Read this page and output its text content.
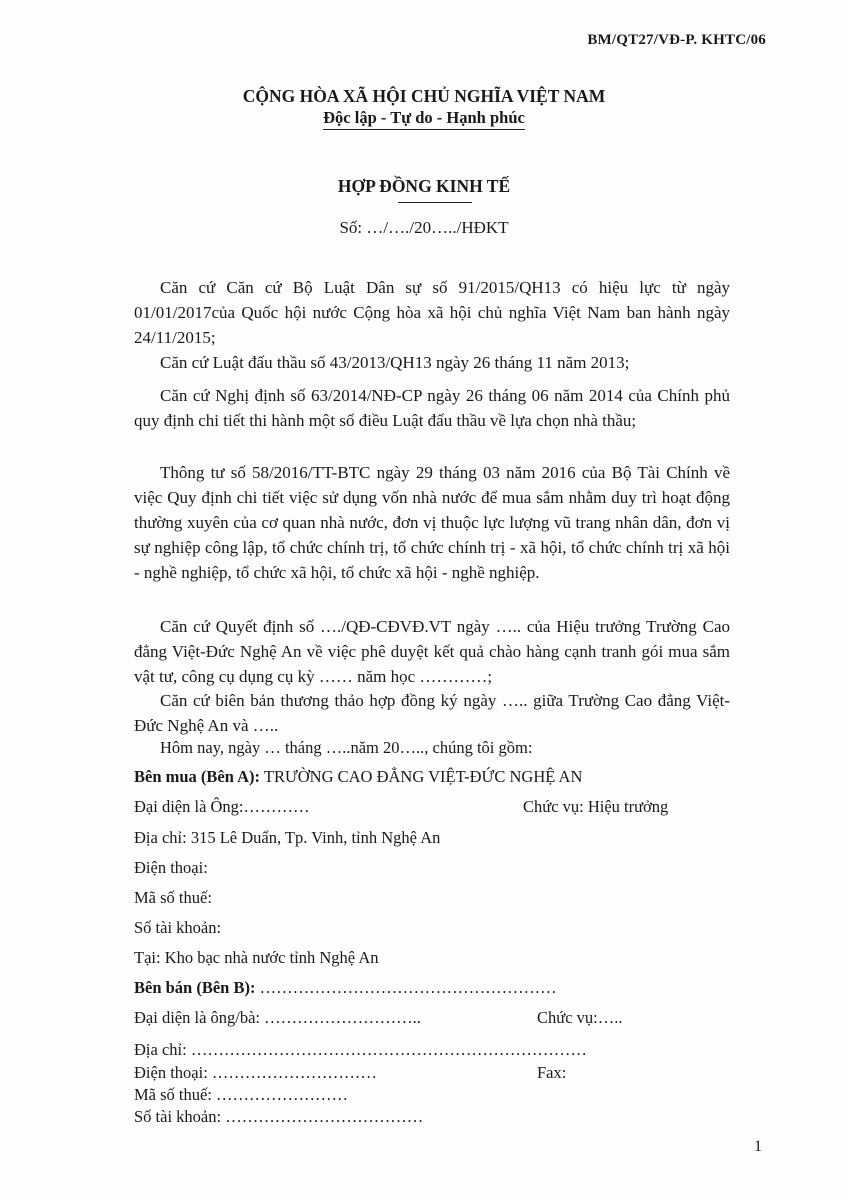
BM/QT27/VĐ-P. KHTC/06
CỘNG HÒA XÃ HỘI CHỦ NGHĨA VIỆT NAM
Độc lập - Tự do - Hạnh phúc
HỢP ĐỒNG KINH TẾ
Số: …/…./20…../HĐKT
Căn cứ Căn cứ Bộ Luật Dân sự số 91/2015/QH13 có hiệu lực từ ngày 01/01/2017của Quốc hội nước Cộng hòa xã hội chủ nghĩa Việt Nam ban hành ngày 24/11/2015;
Căn cứ Luật đấu thầu số 43/2013/QH13 ngày 26 tháng 11 năm 2013;
Căn cứ Nghị định số 63/2014/NĐ-CP ngày 26 tháng 06 năm 2014 của Chính phủ quy định chi tiết thi hành một số điều Luật đấu thầu về lựa chọn nhà thầu;
Thông tư số 58/2016/TT-BTC ngày 29 tháng 03 năm 2016 của Bộ Tài Chính về việc Quy định chi tiết việc sử dụng vốn nhà nước để mua sắm nhằm duy trì hoạt động thường xuyên của cơ quan nhà nước, đơn vị thuộc lực lượng vũ trang nhân dân, đơn vị sự nghiệp công lập, tổ chức chính trị, tổ chức chính trị - xã hội, tổ chức chính trị xã hội - nghề nghiệp, tổ chức xã hội, tổ chức xã hội - nghề nghiệp.
Căn cứ Quyết định số …./QĐ-CĐVĐ.VT ngày ….. của Hiệu trưởng Trường Cao đẳng Việt-Đức Nghệ An về việc phê duyệt kết quả chào hàng cạnh tranh gói mua sắm vật tư, công cụ dụng cụ kỳ …… năm học …………;
Căn cứ biên bản thương thảo hợp đồng ký ngày ….. giữa Trường Cao đẳng Việt-Đức Nghệ An và …..
Hôm nay, ngày … tháng …..năm 20….., chúng tôi gồm:
Bên mua (Bên A): TRƯỜNG CAO ĐẲNG VIỆT-ĐỨC NGHỆ AN
Đại diện là Ông:…………	Chức vụ: Hiệu trưởng
Địa chỉ: 315 Lê Duẩn, Tp. Vinh, tỉnh Nghệ An
Điện thoại:
Mã số thuế:
Số tài khoản:
Tại: Kho bạc nhà nước tỉnh Nghệ An
Bên bán (Bên B): ………………………………………………
Đại diện là ông/bà: ………………………..	Chức vụ:…..
Địa chỉ: ………………………………………………………………
Điện thoại: …………………………	Fax:
Mã số thuế: ……………………
Số tài khoản: ………………………………
1
